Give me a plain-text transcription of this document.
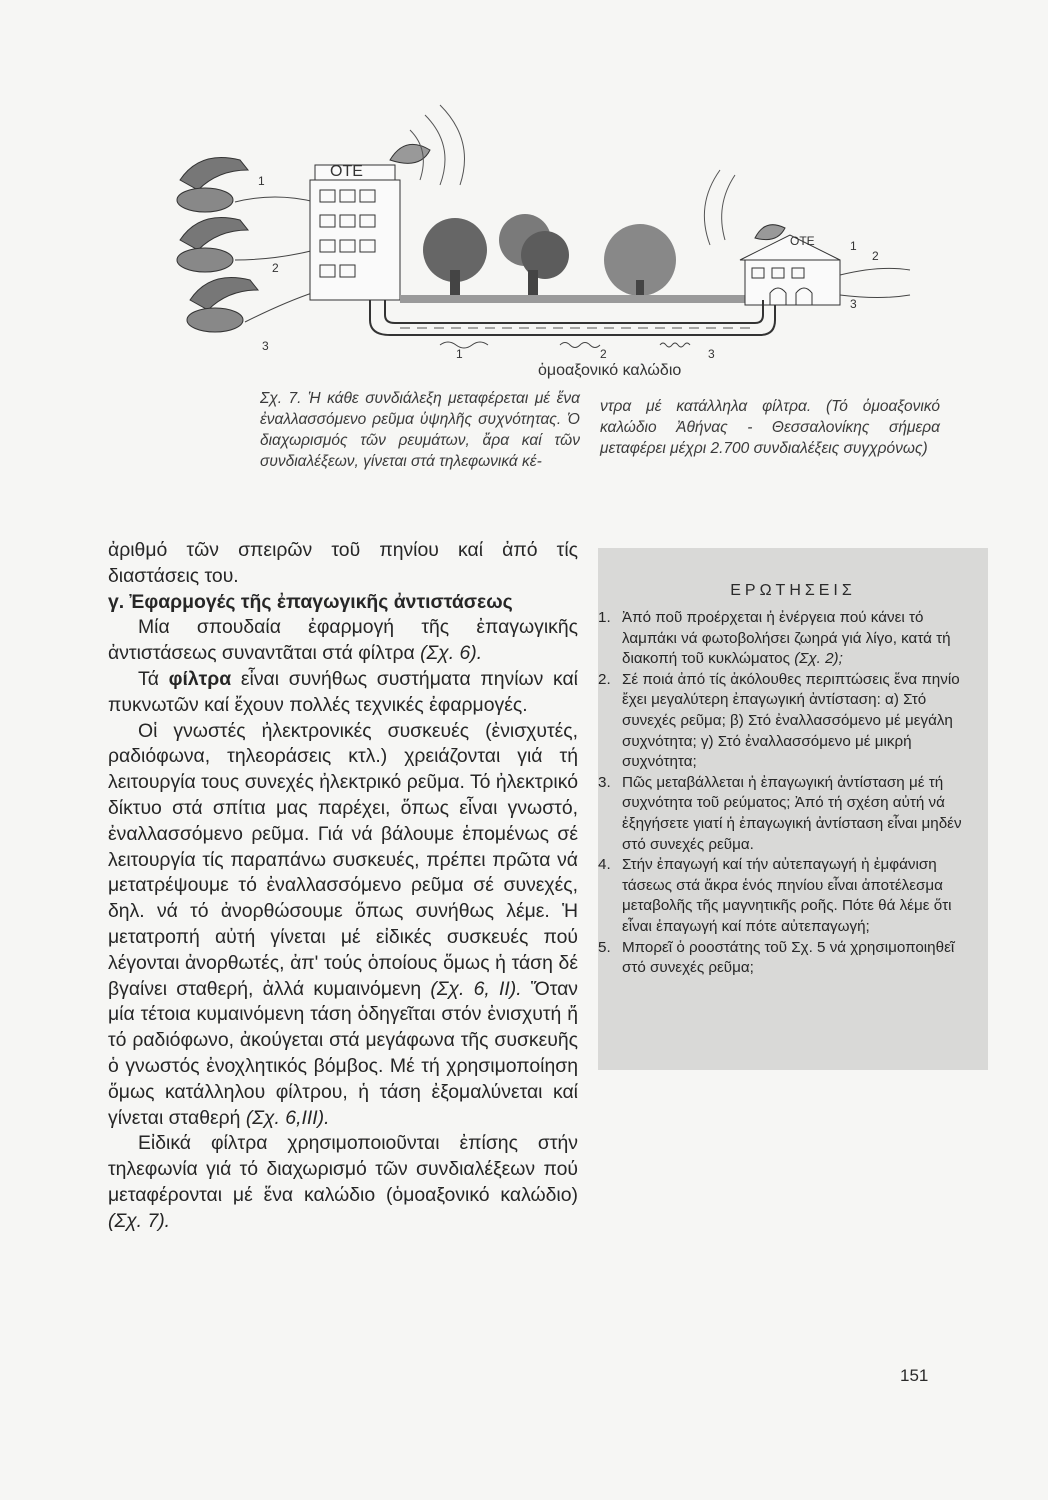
1
2
3
OTE
OTE	1
2
3
1	2	3
ὁμοαξονικό καλώδιο
Σχ. 7. Ἡ κάθε συνδιάλεξη μεταφέρεται μέ ἕνα ἐναλλασσόμενο ρεῦμα ὑψηλῆς συχνότητας. Ὁ διαχωρισμός τῶν ρευμάτων, ἄρα καί τῶν συνδιαλέξεων, γίνεται στά τηλεφωνικά κέ-
ντρα μέ κατάλληλα φίλτρα. (Τό ὁμοαξονικό καλώδιο Ἀθήνας - Θεσσαλονίκης σήμερα μεταφέρει μέχρι 2.700 συνδιαλέξεις συγχρόνως)

ἀριθμό τῶν σπειρῶν τοῦ πηνίου καί ἀπό τίς διαστάσεις του.

γ. Ἐφαρμογές τῆς ἐπαγωγικῆς ἀντιστάσεως

Μία σπουδαία ἐφαρμογή τῆς ἐπαγωγικῆς ἀντιστάσεως συναντᾶται στά φίλτρα (Σχ. 6).

Τά φίλτρα εἶναι συνήθως συστήματα πηνίων καί πυκνωτῶν καί ἔχουν πολλές τεχνικές ἐφαρμογές.

Οἱ γνωστές ἠλεκτρονικές συσκευές (ἐνισχυτές, ραδιόφωνα, τηλεοράσεις κτλ.) χρειάζονται γιά τή λειτουργία τους συνεχές ἠλεκτρικό ρεῦμα. Τό ἠλεκτρικό δίκτυο στά σπίτια μας παρέχει, ὅπως εἶναι γνωστό, ἐναλλασσόμενο ρεῦμα. Γιά νά βάλουμε ἑπομένως σέ λειτουργία τίς παραπάνω συσκευές, πρέπει πρῶτα νά μετατρέψουμε τό ἐναλλασσόμενο ρεῦμα σέ συνεχές, δηλ. νά τό ἀνορθώσουμε ὅπως συνήθως λέμε. Ἡ μετατροπή αὐτή γίνεται μέ εἰδικές συσκευές πού λέγονται ἀνορθωτές, ἀπ' τούς ὁποίους ὅμως ἡ τάση δέ βγαίνει σταθερή, ἀλλά κυμαινόμενη (Σχ. 6, II). Ὅταν μία τέτοια κυμαινόμενη τάση ὁδηγεῖται στόν ἐνισχυτή ἤ τό ραδιόφωνο, ἀκούγεται στά μεγάφωνα τῆς συσκευῆς ὁ γνωστός ἐνοχλητικός βόμβος. Μέ τή χρησιμοποίηση ὅμως κατάλληλου φίλτρου, ἡ τάση ἐξομαλύνεται καί γίνεται σταθερή (Σχ. 6,III).

Εἰδικά φίλτρα χρησιμοποιοῦνται ἐπίσης στήν τηλεφωνία γιά τό διαχωρισμό τῶν συνδιαλέξεων πού μεταφέρονται μέ ἕνα καλώδιο (ὁμοαξονικό καλώδιο) (Σχ. 7).

ΕΡΩΤΗΣΕΙΣ
1. Ἀπό ποῦ προέρχεται ἡ ἐνέργεια πού κάνει τό λαμπάκι νά φωτοβολήσει ζωηρά γιά λίγο, κατά τή διακοπή τοῦ κυκλώματος (Σχ. 2);
2. Σέ ποιά ἀπό τίς ἀκόλουθες περιπτώσεις ἕνα πηνίο ἔχει μεγαλύτερη ἐπαγωγική ἀντίσταση: α) Στό συνεχές ρεῦμα; β) Στό ἐναλλασσόμενο μέ μεγάλη συχνότητα; γ) Στό ἐναλλασσόμενο μέ μικρή συχνότητα;
3. Πῶς μεταβάλλεται ἡ ἐπαγωγική ἀντίσταση μέ τή συχνότητα τοῦ ρεύματος; Ἀπό τή σχέση αὐτή νά ἐξηγήσετε γιατί ἡ ἐπαγωγική ἀντίσταση εἶναι μηδέν στό συνεχές ρεῦμα.
4. Στήν ἐπαγωγή καί τήν αὐτεπαγωγή ἡ ἐμφάνιση τάσεως στά ἄκρα ἑνός πηνίου εἶναι ἀποτέλεσμα μεταβολῆς τῆς μαγνητικῆς ροῆς. Πότε θά λέμε ὅτι εἶναι ἐπαγωγή καί πότε αὐτεπαγωγή;
5. Μπορεῖ ὁ ροοστάτης τοῦ Σχ. 5 νά χρησιμοποιηθεῖ στό συνεχές ρεῦμα;
151
